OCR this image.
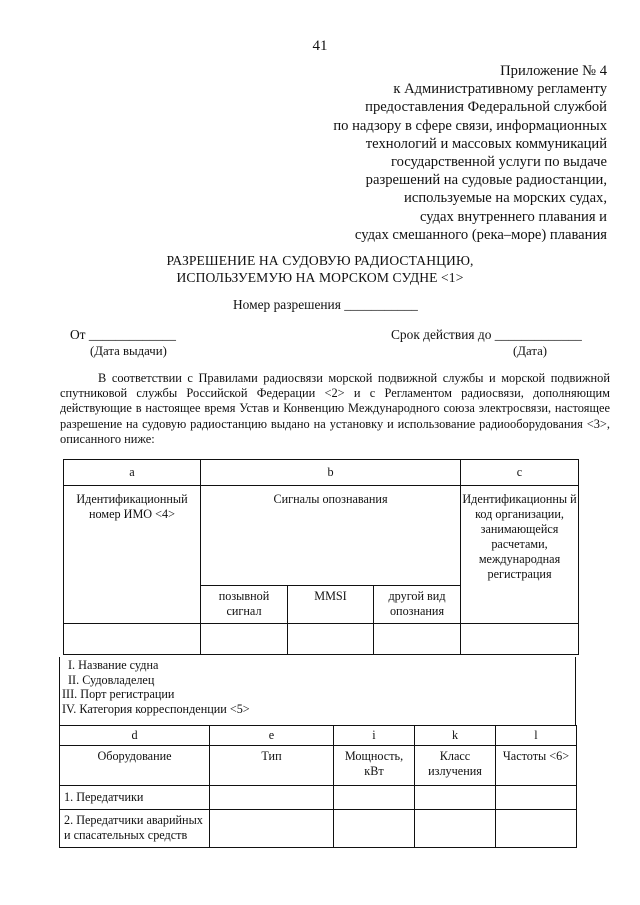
41
Приложение № 4
к Административному регламенту
предоставления Федеральной службой
по надзору в сфере связи, информационных
технологий и массовых коммуникаций
государственной услуги по выдаче
разрешений на судовые радиостанции,
используемые на морских судах,
судах внутреннего плавания и
судах смешанного (река–море) плавания
РАЗРЕШЕНИЕ НА СУДОВУЮ РАДИОСТАНЦИЮ,
ИСПОЛЬЗУЕМУЮ НА МОРСКОМ СУДНЕ <1>
Номер разрешения ___________
От _____________
(Дата выдачи)
Срок действия до _____________
(Дата)

В соответствии с Правилами радиосвязи морской подвижной службы и морской подвижной спутниковой службы Российской Федерации <2> и с Регламентом радиосвязи, дополняющим действующие в настоящее время Устав и Конвенцию Международного союза электросвязи, настоящее разрешение на судовую радиостанцию выдано на установку и использование радиооборудования <3>, описанного ниже:

a	b			c
Идентификационный номер ИМО <4>	Сигналы опознавания			Идентификационны й код организации, занимающейся расчетами, международная регистрация
	позывной сигнал	MMSI	другой вид опознания	

I. Название судна
II. Судовладелец
III. Порт регистрации
IV. Категория корреспонденции <5>
d	e	i	k	l
Оборудование	Тип	Мощность, кВт	Класс излучения	Частоты <6>
1. Передатчики				
2. Передатчики аварийных и спасательных средств				
